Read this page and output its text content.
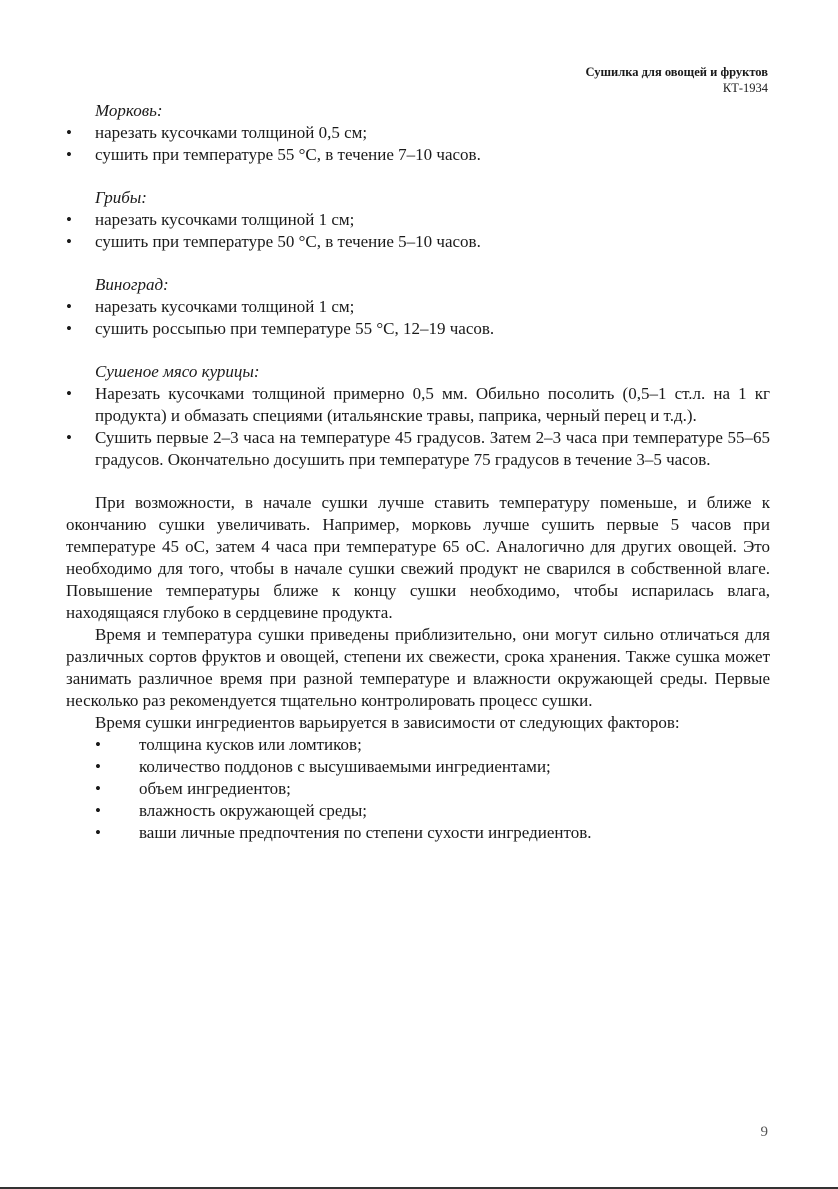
Сушилка для овощей и фруктов
КТ-1934

Морковь:

• нарезать кусочками толщиной 0,5 см;
• сушить при температуре 55 °С, в течение 7–10 часов.

Грибы:

• нарезать кусочками толщиной 1 см;
• сушить при температуре 50 °С, в течение 5–10 часов.

Виноград:

• нарезать кусочками толщиной 1 см;
• сушить россыпью при температуре 55 °С, 12–19 часов.

Сушеное мясо курицы:

• Нарезать кусочками толщиной примерно 0,5 мм. Обильно посолить (0,5–1 ст.л. на 1 кг продукта) и обмазать специями (итальянские травы, паприка, черный перец и т.д.).
• Сушить первые 2–3 часа на температуре 45 градусов. Затем 2–3 часа при температуре 55–65 градусов. Окончательно досушить при температуре 75 градусов в течение 3–5 часов.

При возможности, в начале сушки лучше ставить температуру поменьше, и ближе к окончанию сушки увеличивать. Например, морковь лучше сушить первые 5 часов при температуре 45 оС, затем 4 часа при температуре 65 оС. Аналогично для других овощей. Это необходимо для того, чтобы в начале сушки свежий продукт не сварился в собственной влаге. Повышение температуры ближе к концу сушки необходимо, чтобы испарилась влага, находящаяся глубоко в сердцевине продукта.

Время и температура сушки приведены приблизительно, они могут сильно отличаться для различных сортов фруктов и овощей, степени их свежести, срока хранения. Также сушка может занимать различное время при разной температуре и влажности окружающей среды. Первые несколько раз рекомендуется тщательно контролировать процесс сушки.

Время сушки ингредиентов варьируется в зависимости от следующих факторов:

• толщина кусков или ломтиков;
• количество поддонов с высушиваемыми ингредиентами;
• объем ингредиентов;
• влажность окружающей среды;
• ваши личные предпочтения по степени сухости ингредиентов.
9
